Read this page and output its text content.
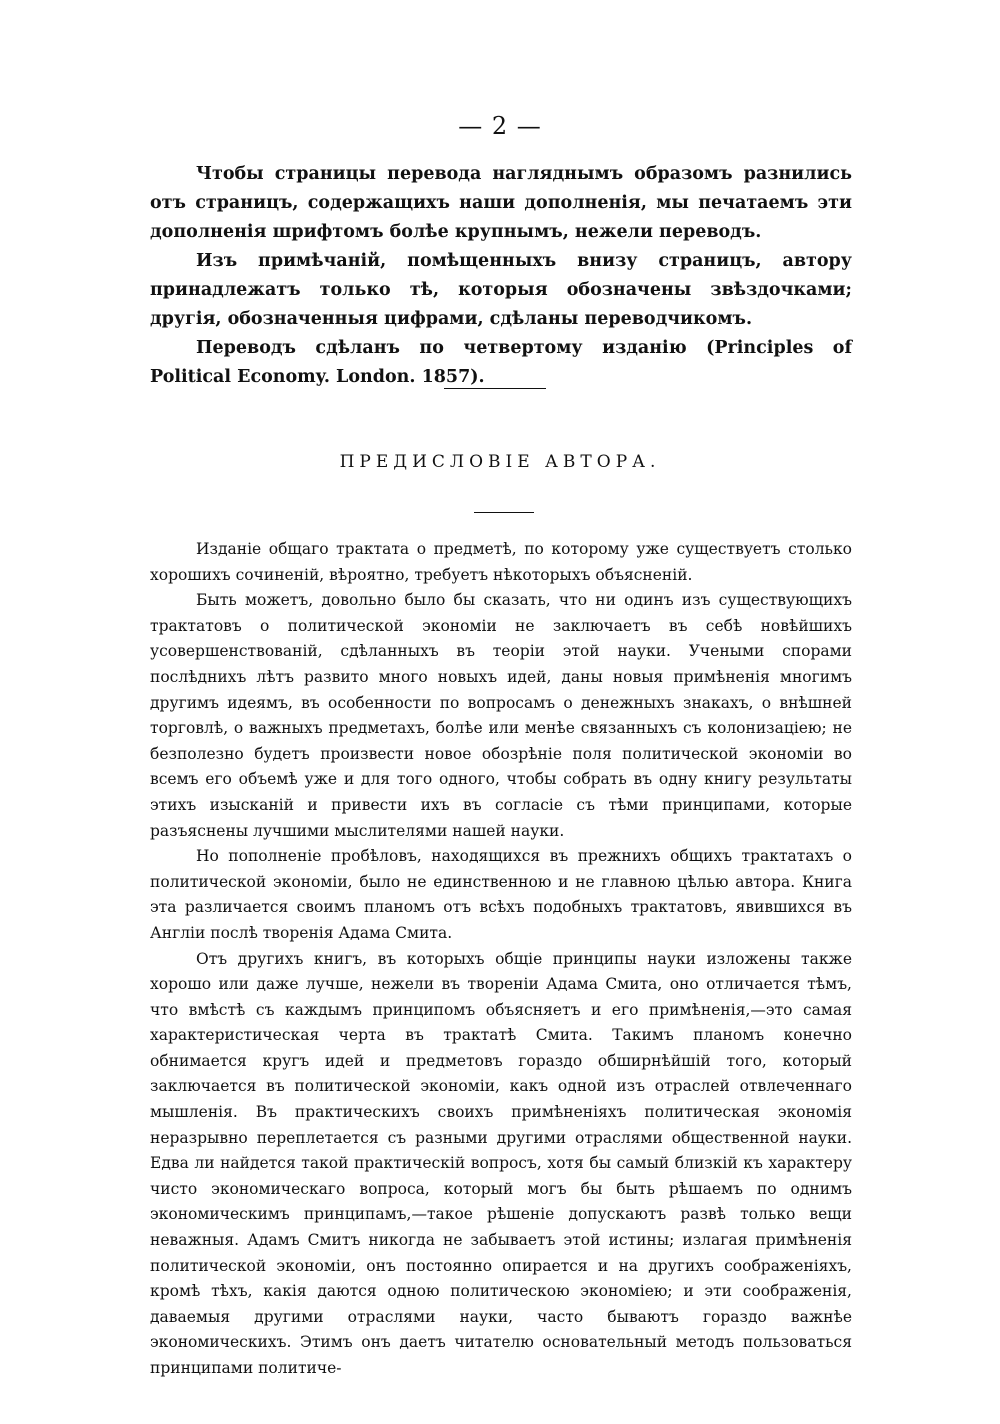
— 2 —

Чтобы страницы перевода нагляднымъ образомъ разнились отъ страницъ, содержащихъ наши дополненія, мы печатаемъ эти дополненія шрифтомъ болѣе крупнымъ, нежели переводъ.

Изъ примѣчаній, помѣщенныхъ внизу страницъ, автору принадлежатъ только тѣ, которыя обозначены звѣздочками; другія, обозначенныя цифрами, сдѣланы переводчикомъ.

Переводъ сдѣланъ по четвертому изданію (Principles of Political Economy. London. 1857).

ПРЕДИСЛОВІЕ АВТОРА.

Изданіе общаго трактата о предметѣ, по которому уже существуетъ столько хорошихъ сочиненій, вѣроятно, требуетъ нѣкоторыхъ объясненій.

Быть можетъ, довольно было бы сказать, что ни одинъ изъ существующихъ трактатовъ о политической экономіи не заключаетъ въ себѣ новѣйшихъ усовершенствованій, сдѣланныхъ въ теоріи этой науки. Учеными спорами послѣднихъ лѣтъ развито много новыхъ идей, даны новыя примѣненія многимъ другимъ идеямъ, въ особенности по вопросамъ о денежныхъ знакахъ, о внѣшней торговлѣ, о важныхъ предметахъ, болѣе или менѣе связанныхъ съ колонизаціею; не безполезно будетъ произвести новое обозрѣніе поля политической экономіи во всемъ его объемѣ уже и для того одного, чтобы собрать въ одну книгу результаты этихъ изысканій и привести ихъ въ согласіе съ тѣми принципами, которые разъяснены лучшими мыслителями нашей науки.

Но пополненіе пробѣловъ, находящихся въ прежнихъ общихъ трактатахъ о политической экономіи, было не единственною и не главною цѣлью автора. Книга эта различается своимъ планомъ отъ всѣхъ подобныхъ трактатовъ, явившихся въ Англіи послѣ творенія Адама Смита.

Отъ другихъ книгъ, въ которыхъ общіе принципы науки изложены также хорошо или даже лучше, нежели въ твореніи Адама Смита, оно отличается тѣмъ, что вмѣстѣ съ каждымъ принципомъ объясняетъ и его примѣненія,—это самая характеристическая черта въ трактатѣ Смита. Такимъ планомъ конечно обнимается кругъ идей и предметовъ гораздо обширнѣйшій того, который заключается въ политической экономіи, какъ одной изъ отраслей отвлеченнаго мышленія. Въ практическихъ своихъ примѣненіяхъ политическая экономія неразрывно переплетается съ разными другими отраслями общественной науки. Едва ли найдется такой практическій вопросъ, хотя бы самый близкій къ характеру чисто экономическаго вопроса, который могъ бы быть рѣшаемъ по однимъ экономическимъ принципамъ,—такое рѣшеніе допускаютъ развѣ только вещи неважныя. Адамъ Смитъ никогда не забываетъ этой истины; излагая примѣненія политической экономіи, онъ постоянно опирается и на другихъ соображеніяхъ, кромѣ тѣхъ, какія даются одною политическою экономіею; и эти соображенія, даваемыя другими отраслями науки, часто бываютъ гораздо важнѣе экономическихъ. Этимъ онъ даетъ читателю основательный методъ пользоваться принципами политиче-
